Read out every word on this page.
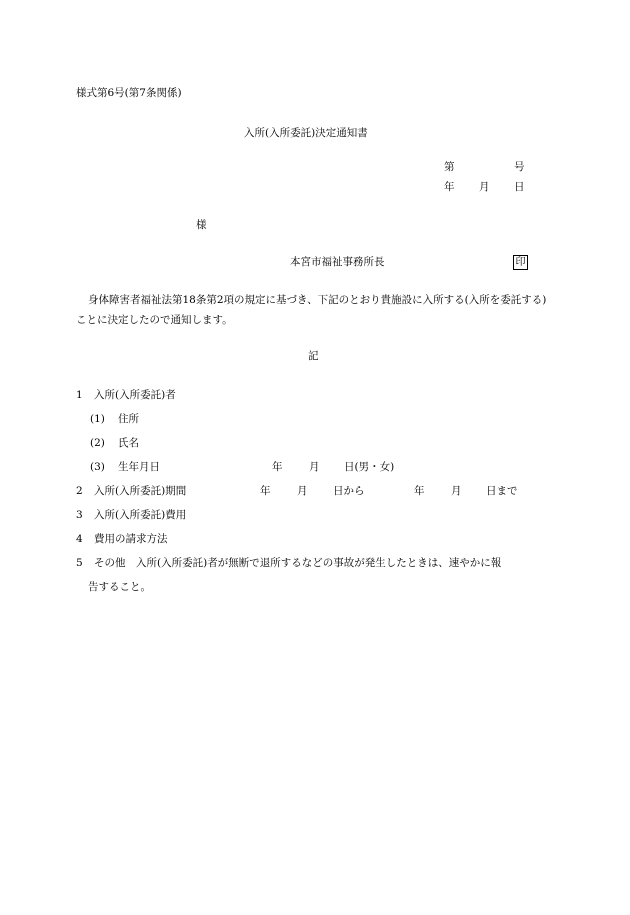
様式第6号(第7条関係)
入所(入所委託)決定通知書
第	号
年 月 日
様
本宮市福祉事務所長	印
身体障害者福祉法第18条第2項の規定に基づき、下記のとおり貴施設に入所する(入所を委託する)ことに決定したので通知します。
記
1 入所(入所委託)者
(1) 住所
(2) 氏名
(3) 生年月日	年	月 日(男・女)
2 入所(入所委託)期間	年	月 日から	年	月 日まで
3 入所(入所委託)費用
4 費用の請求方法
5 その他　入所(入所委託)者が無断で退所するなどの事故が発生したときは、速やかに報
告すること。
